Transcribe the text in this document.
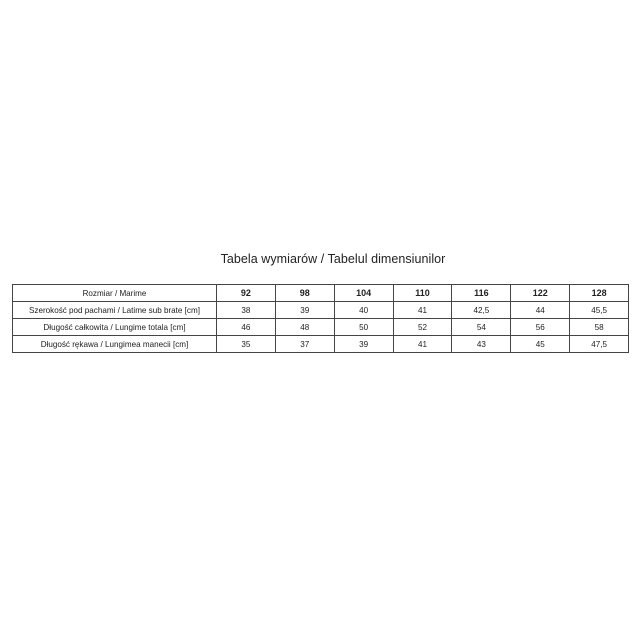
Tabela wymiarów / Tabelul dimensiunilor
Rozmiar / Marime	92	98	104	110	116	122	128
Szerokość pod pachami / Latime sub brate [cm]	38	39	40	41	42,5	44	45,5
Długość całkowita / Lungime totala [cm]	46	48	50	52	54	56	58
Długość rękawa / Lungimea manecii [cm]	35	37	39	41	43	45	47,5
